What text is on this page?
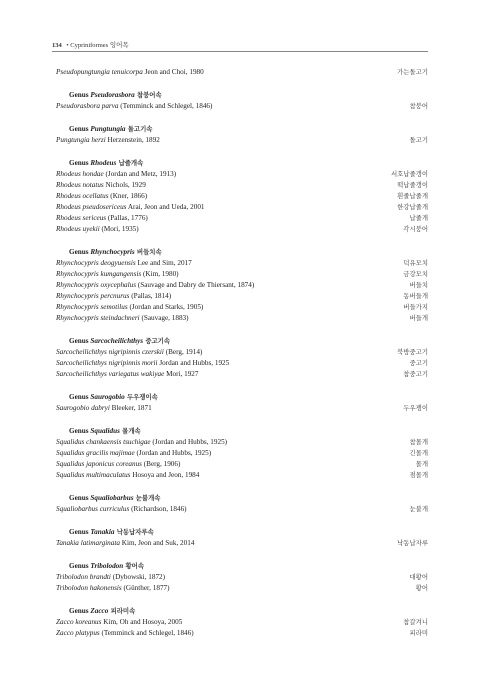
134 • Cypriniformes 잉어목
Pseudopungtungia tenuicorpa Jeon and Choi, 1980	가는돌고기
Genus Pseudorasbora 참붕어속
Pseudorasbora parva (Temminck and Schlegel, 1846)	참붕어
Genus Pungtungia 돌고기속
Pungtungia herzi Herzenstein, 1892	돌고기
Genus Rhodeus 납줄개속
Rhodeus hondae (Jordan and Metz, 1913)	서호납줄갱이
Rhodeus notatus Nichols, 1929	떡납줄갱이
Rhodeus ocellatus (Kner, 1866)	흰줄납줄개
Rhodeus pseudosericeus Arai, Jeon and Ueda, 2001	한강납줄개
Rhodeus sericeus (Pallas, 1776)	납줄개
Rhodeus uyekii (Mori, 1935)	각시붕어
Genus Rhynchocypris 버들치속
Rhynchocypris deogyuensis Lee and Sim, 2017	덕유모치
Rhynchocypris kumgangensis (Kim, 1980)	금강모치
Rhynchocypris oxycephalus (Sauvage and Dabry de Thiersant, 1874)	버들치
Rhynchocypris percnurus (Pallas, 1814)	동버들개
Rhynchocypris semotilus (Jordan and Starks, 1905)	버들가지
Rhynchocypris steindachneri (Sauvage, 1883)	버들개
Genus Sarcocheilichthys 중고기속
Sarcocheilichthys nigripinnis czerskii (Berg, 1914)	북방중고기
Sarcocheilichthys nigripinnis morii Jordan and Hubbs, 1925	중고기
Sarcocheilichthys variegatus wakiyae Mori, 1927	참중고기
Genus Saurogobio 두우쟁이속
Saurogobio dabryi Bleeker, 1871	두우쟁이
Genus Squalidus 몰개속
Squalidus chankaensis tsuchigae (Jordan and Hubbs, 1925)	참몰개
Squalidus gracilis majimae (Jordan and Hubbs, 1925)	긴몰개
Squalidus japonicus coreanus (Berg, 1906)	몰개
Squalidus multimaculatus Hosoya and Jeon, 1984	점몰개
Genus Squaliobarbus 눈불개속
Squaliobarbus curriculus (Richardson, 1846)	눈불개
Genus Tanakia 낙동납자루속
Tanakia latimarginata Kim, Jeon and Suk, 2014	낙동납자루
Genus Tribolodon 황어속
Tribolodon brandti (Dybowski, 1872)	대황어
Tribolodon hakonensis (Günther, 1877)	황어
Genus Zacco 피라미속
Zacco koreanus Kim, Oh and Hosoya, 2005	참갈겨니
Zacco platypus (Temminck and Schlegel, 1846)	피라미
